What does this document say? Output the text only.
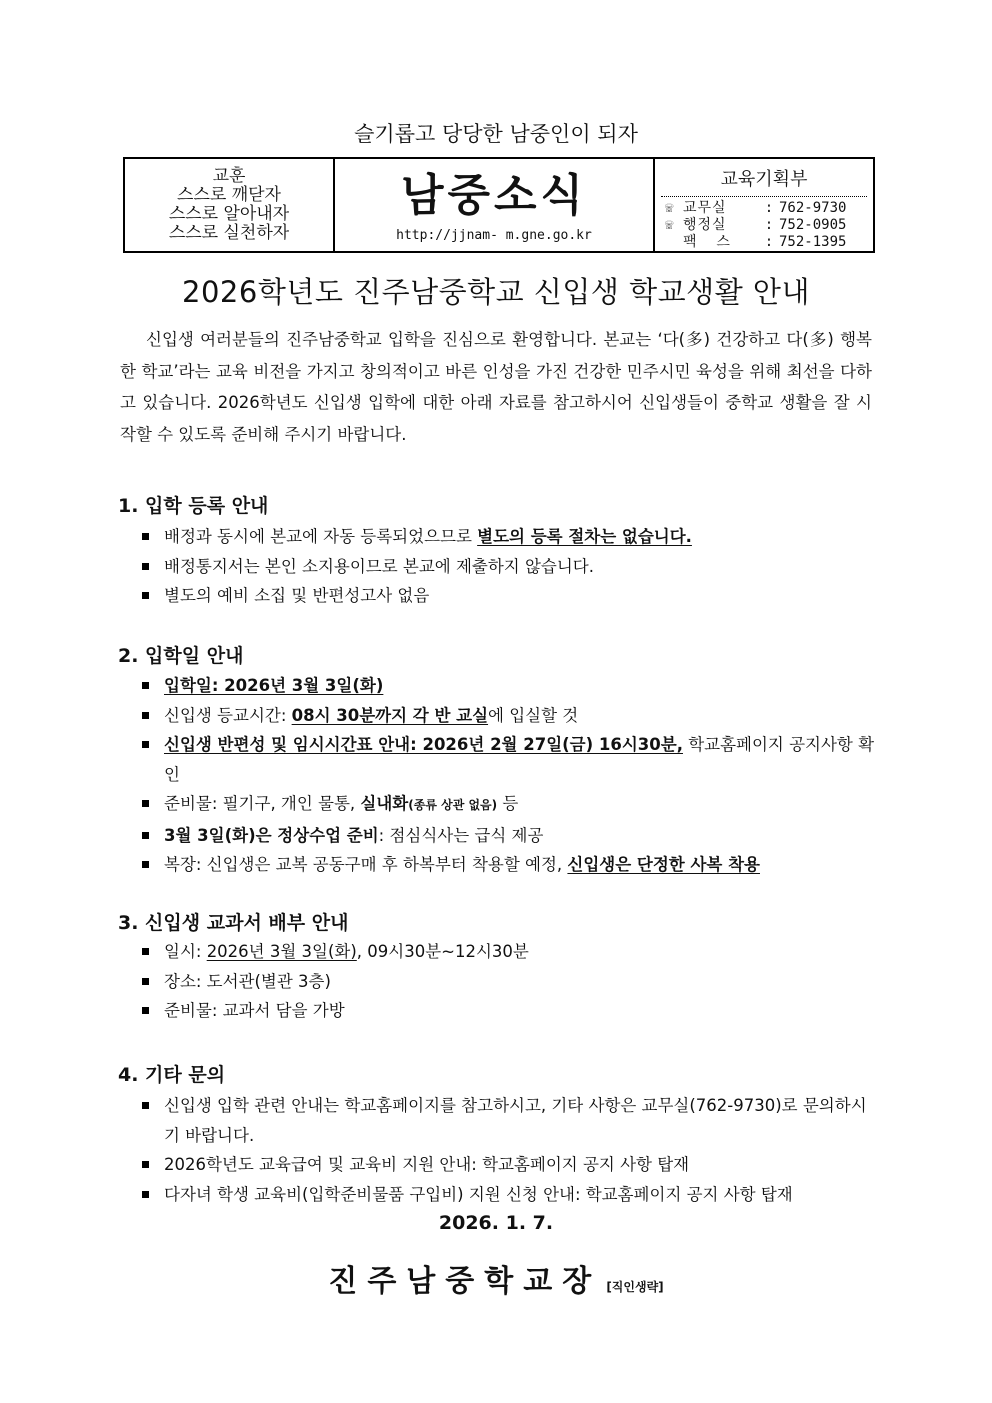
슬기롭고 당당한 남중인이 되자
교훈
스스로 깨닫자
스스로 알아내자
스스로 실천하자

남중소식
http://jjnam- m.gne.go.kr

교육기획부
☏ 교무실	: 762-9730
☏ 행정실	: 752-0905
팩  스	: 752-1395
2026학년도 진주남중학교 신입생 학교생활 안내
신입생 여러분들의 진주남중학교 입학을 진심으로 환영합니다. 본교는 ‘다(多) 건강하고 다(多) 행복한 학교’라는 교육 비전을 가지고 창의적이고 바른 인성을 가진 건강한 민주시민 육성을 위해 최선을 다하고 있습니다. 2026학년도 신입생 입학에 대한 아래 자료를 참고하시어 신입생들이 중학교 생활을 잘 시작할 수 있도록 준비해 주시기 바랍니다.
1. 입학 등록 안내
배정과 동시에 본교에 자동 등록되었으므로 별도의 등록 절차는 없습니다.
배정통지서는 본인 소지용이므로 본교에 제출하지 않습니다.
별도의 예비 소집 및 반편성고사 없음
2. 입학일 안내
입학일: 2026년 3월 3일(화)
신입생 등교시간: 08시 30분까지 각 반 교실에 입실할 것
신입생 반편성 및 임시시간표 안내: 2026년 2월 27일(금) 16시30분, 학교홈페이지 공지사항 확인
준비물: 필기구, 개인 물통, 실내화(종류 상관 없음) 등
3월 3일(화)은 정상수업 준비: 점심식사는 급식 제공
복장: 신입생은 교복 공동구매 후 하복부터 착용할 예정, 신입생은 단정한 사복 착용
3. 신입생 교과서 배부 안내
일시: 2026년 3월 3일(화), 09시30분~12시30분
장소: 도서관(별관 3층)
준비물: 교과서 담을 가방
4. 기타 문의
신입생 입학 관련 안내는 학교홈페이지를 참고하시고, 기타 사항은 교무실(762-9730)로 문의하시기 바랍니다.
2026학년도 교육급여 및 교육비 지원 안내: 학교홈페이지 공지 사항 탑재
다자녀 학생 교육비(입학준비물품 구입비) 지원 신청 안내: 학교홈페이지 공지 사항 탑재
2026. 1. 7.
진주남중학교장 [직인생략]
